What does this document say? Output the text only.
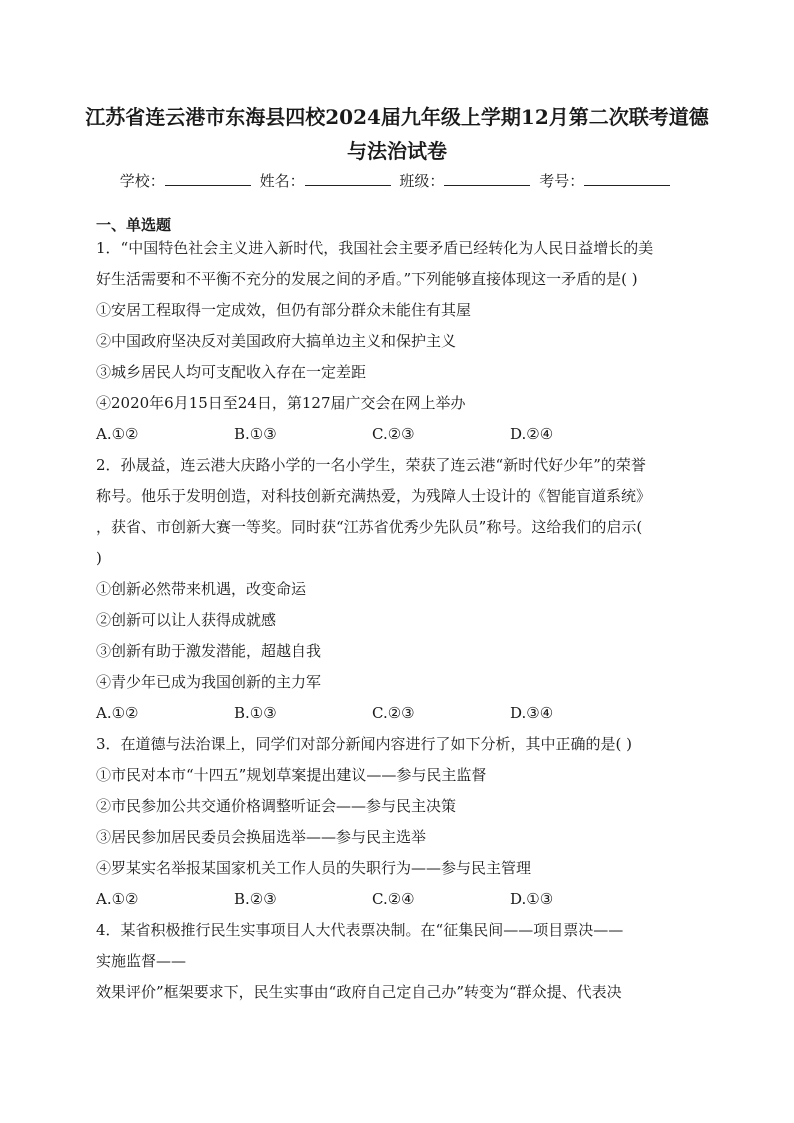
江苏省连云港市东海县四校2024届九年级上学期12月第二次联考道德
与法治试卷
学校：	姓名：	班级：	考号：
一、单选题
1．“中国特色社会主义进入新时代，我国社会主要矛盾已经转化为人民日益增长的美
好生活需要和不平衡不充分的发展之间的矛盾。”下列能够直接体现这一矛盾的是( )
①安居工程取得一定成效，但仍有部分群众未能住有其屋
②中国政府坚决反对美国政府大搞单边主义和保护主义
③城乡居民人均可支配收入存在一定差距
④2020年6月15日至24日，第127届广交会在网上举办
A.①②	B.①③	C.②③	D.②④
2．孙晟益，连云港大庆路小学的一名小学生，荣获了连云港“新时代好少年”的荣誉
称号。他乐于发明创造，对科技创新充满热爱，为残障人士设计的《智能盲道系统》
，获省、市创新大赛一等奖。同时获“江苏省优秀少先队员”称号。这给我们的启示(
)
①创新必然带来机遇，改变命运
②创新可以让人获得成就感
③创新有助于激发潜能，超越自我
④青少年已成为我国创新的主力军
A.①②	B.①③	C.②③	D.③④
3．在道德与法治课上，同学们对部分新闻内容进行了如下分析，其中正确的是( )
①市民对本市“十四五”规划草案提出建议——参与民主监督
②市民参加公共交通价格调整听证会——参与民主决策
③居民参加居民委员会换届选举——参与民主选举
④罗某实名举报某国家机关工作人员的失职行为——参与民主管理
A.①②	B.②③	C.②④	D.①③
4．某省积极推行民生实事项目人大代表票决制。在“征集民间——项目票决——
实施监督——
效果评价”框架要求下，民生实事由“政府自己定自己办”转变为“群众提、代表决
